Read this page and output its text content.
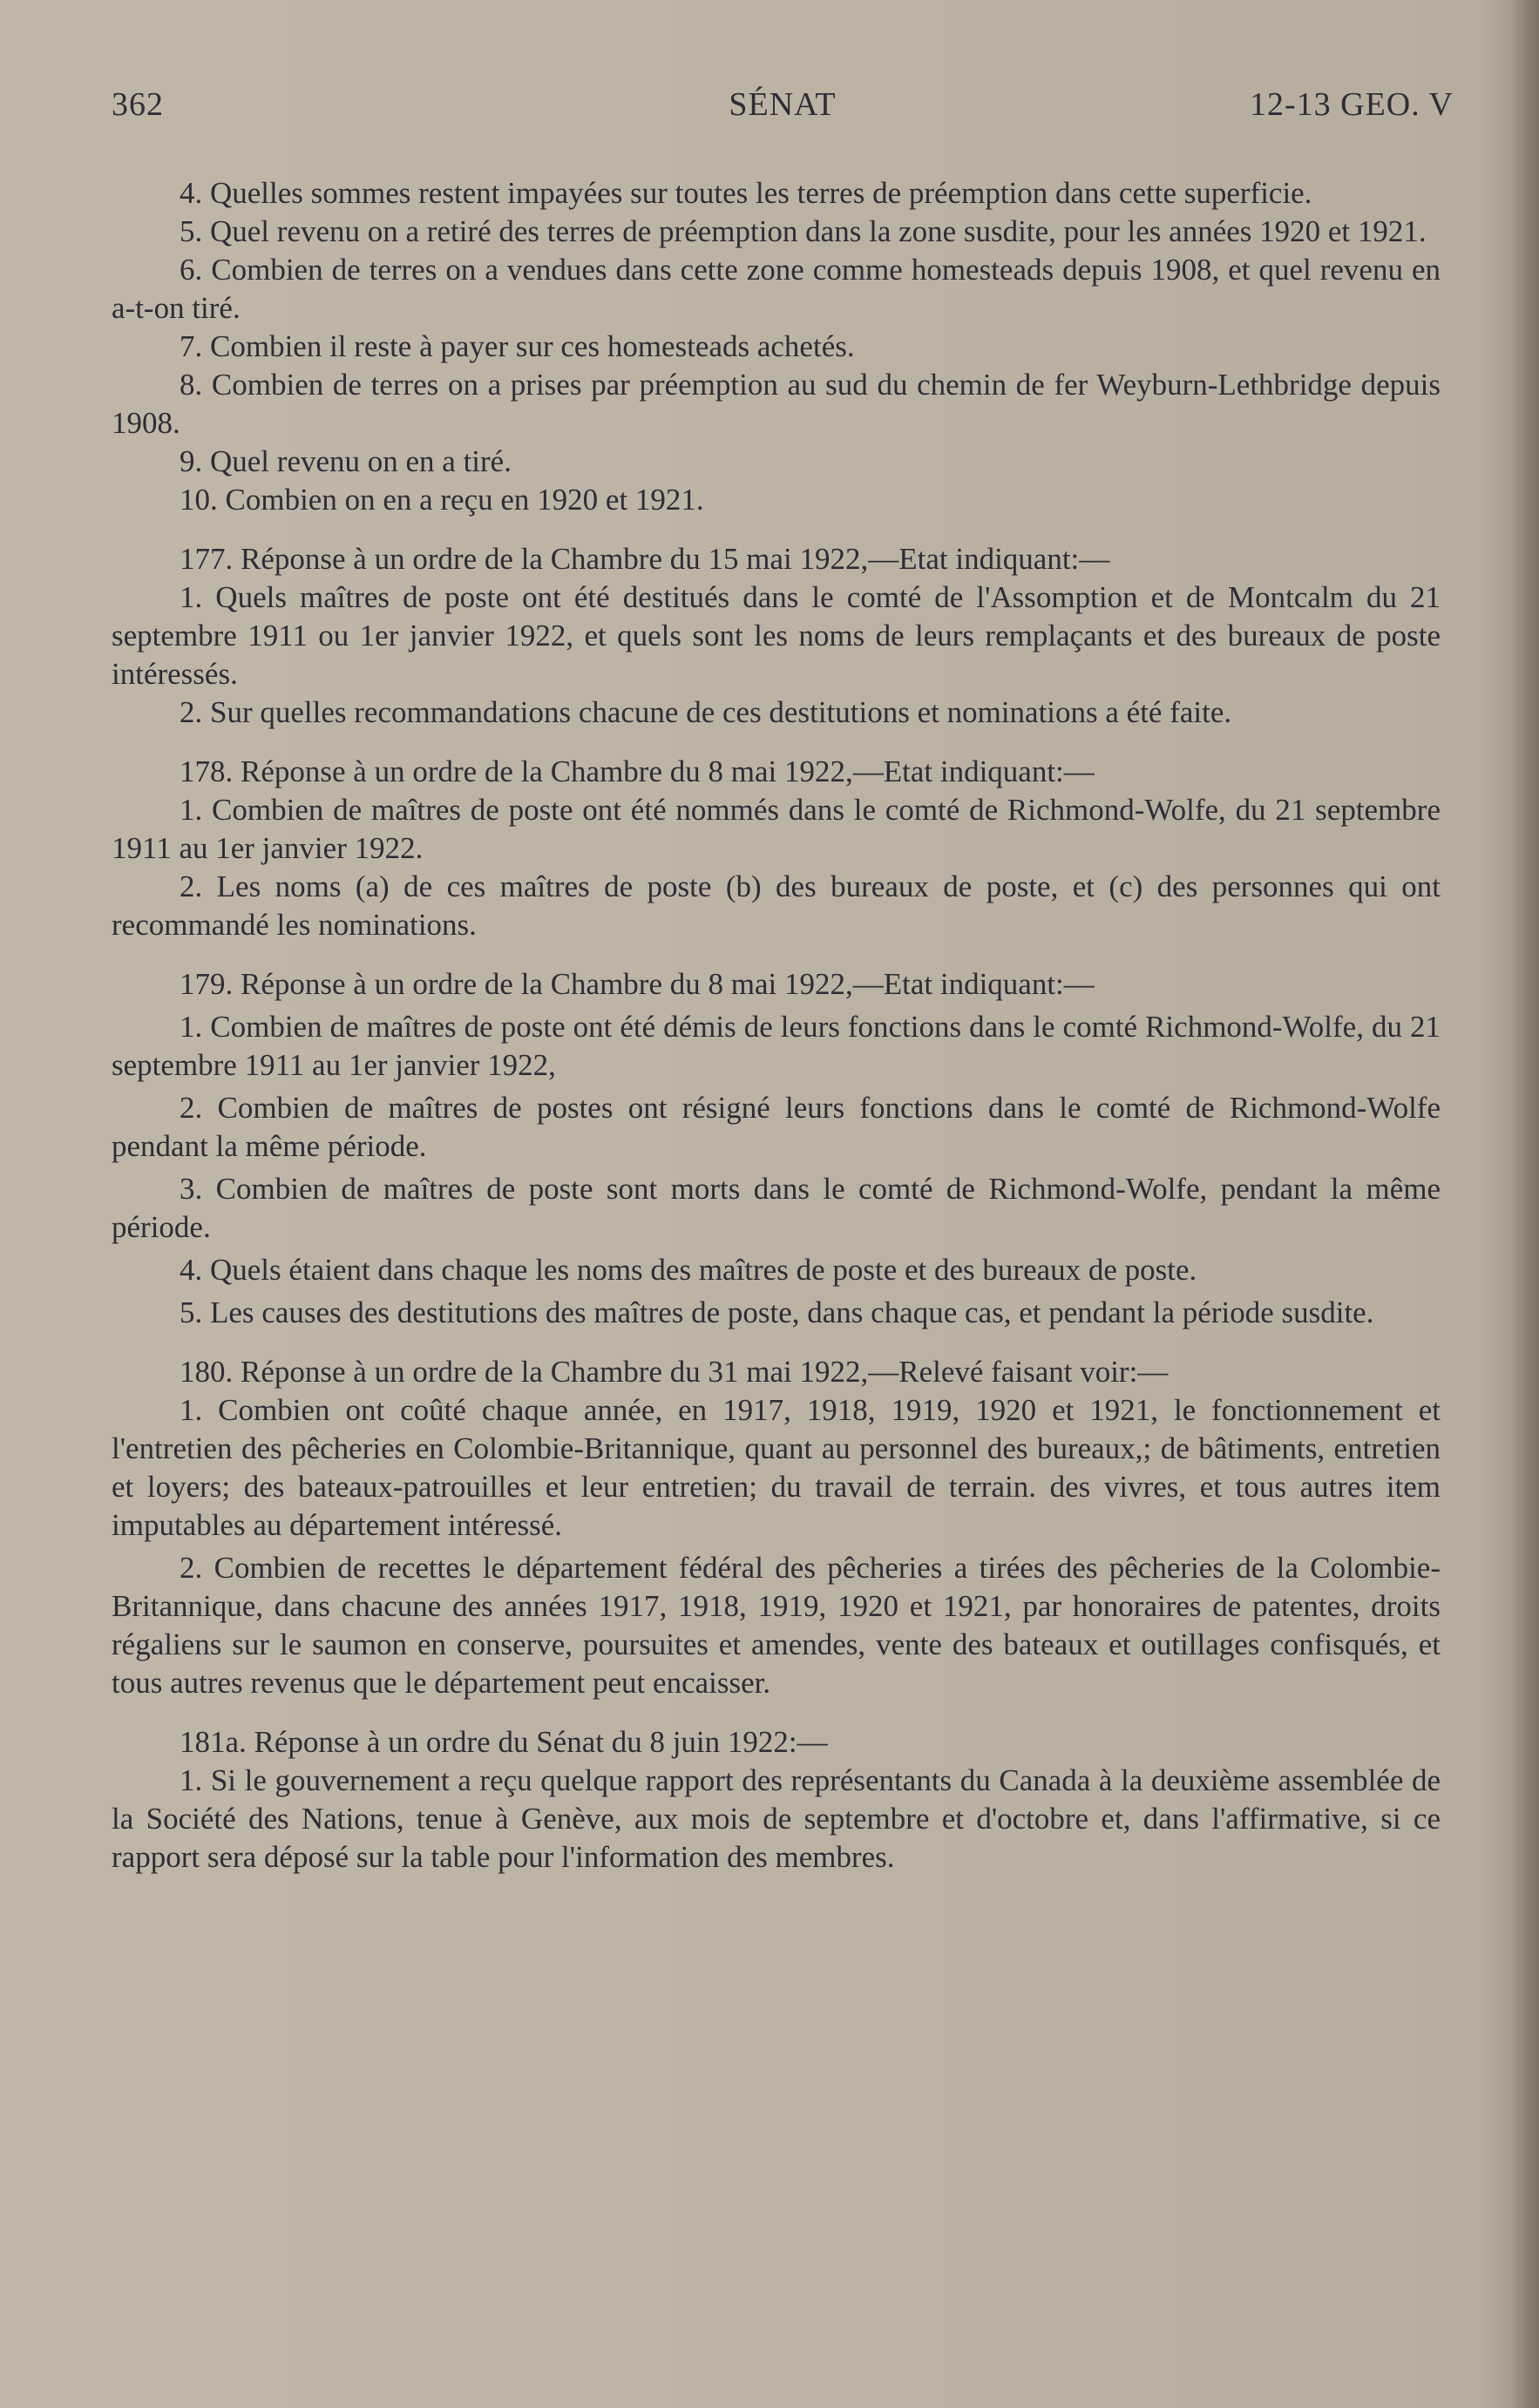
SÉNAT
362	12-13 GEO. V

4. Quelles sommes restent impayées sur toutes les terres de préemption dans cette superficie.

5. Quel revenu on a retiré des terres de préemption dans la zone susdite, pour les années 1920 et 1921.

6. Combien de terres on a vendues dans cette zone comme homesteads depuis 1908, et quel revenu en a-t-on tiré.

7. Combien il reste à payer sur ces homesteads achetés.

8. Combien de terres on a prises par préemption au sud du chemin de fer Weyburn-Lethbridge depuis 1908.

9. Quel revenu on en a tiré.

10. Combien on en a reçu en 1920 et 1921.

177. Réponse à un ordre de la Chambre du 15 mai 1922,—Etat indiquant:—

1. Quels maîtres de poste ont été destitués dans le comté de l'Assomption et de Montcalm du 21 septembre 1911 ou 1er janvier 1922, et quels sont les noms de leurs remplaçants et des bureaux de poste intéressés.

2. Sur quelles recommandations chacune de ces destitutions et nominations a été faite.

178. Réponse à un ordre de la Chambre du 8 mai 1922,—Etat indiquant:—

1. Combien de maîtres de poste ont été nommés dans le comté de Richmond-Wolfe, du 21 septembre 1911 au 1er janvier 1922.

2. Les noms (a) de ces maîtres de poste (b) des bureaux de poste, et (c) des personnes qui ont recommandé les nominations.

179. Réponse à un ordre de la Chambre du 8 mai 1922,—Etat indiquant:—

1. Combien de maîtres de poste ont été démis de leurs fonctions dans le comté Richmond-Wolfe, du 21 septembre 1911 au 1er janvier 1922,

2. Combien de maîtres de postes ont résigné leurs fonctions dans le comté de Richmond-Wolfe pendant la même période.

3. Combien de maîtres de poste sont morts dans le comté de Richmond-Wolfe, pendant la même période.

4. Quels étaient dans chaque les noms des maîtres de poste et des bureaux de poste.

5. Les causes des destitutions des maîtres de poste, dans chaque cas, et pendant la période susdite.

180. Réponse à un ordre de la Chambre du 31 mai 1922,—Relevé faisant voir:—

1. Combien ont coûté chaque année, en 1917, 1918, 1919, 1920 et 1921, le fonctionnement et l'entretien des pêcheries en Colombie-Britannique, quant au personnel des bureaux,; de bâtiments, entretien et loyers; des bateaux-patrouilles et leur entretien; du travail de terrain. des vivres, et tous autres item imputables au département intéressé.

2. Combien de recettes le département fédéral des pêcheries a tirées des pêcheries de la Colombie-Britannique, dans chacune des années 1917, 1918, 1919, 1920 et 1921, par honoraires de patentes, droits régaliens sur le saumon en conserve, poursuites et amendes, vente des bateaux et outillages confisqués, et tous autres revenus que le département peut encaisser.

181a. Réponse à un ordre du Sénat du 8 juin 1922:—

1. Si le gouvernement a reçu quelque rapport des représentants du Canada à la deuxième assemblée de la Société des Nations, tenue à Genève, aux mois de septembre et d'octobre et, dans l'affirmative, si ce rapport sera déposé sur la table pour l'information des membres.
